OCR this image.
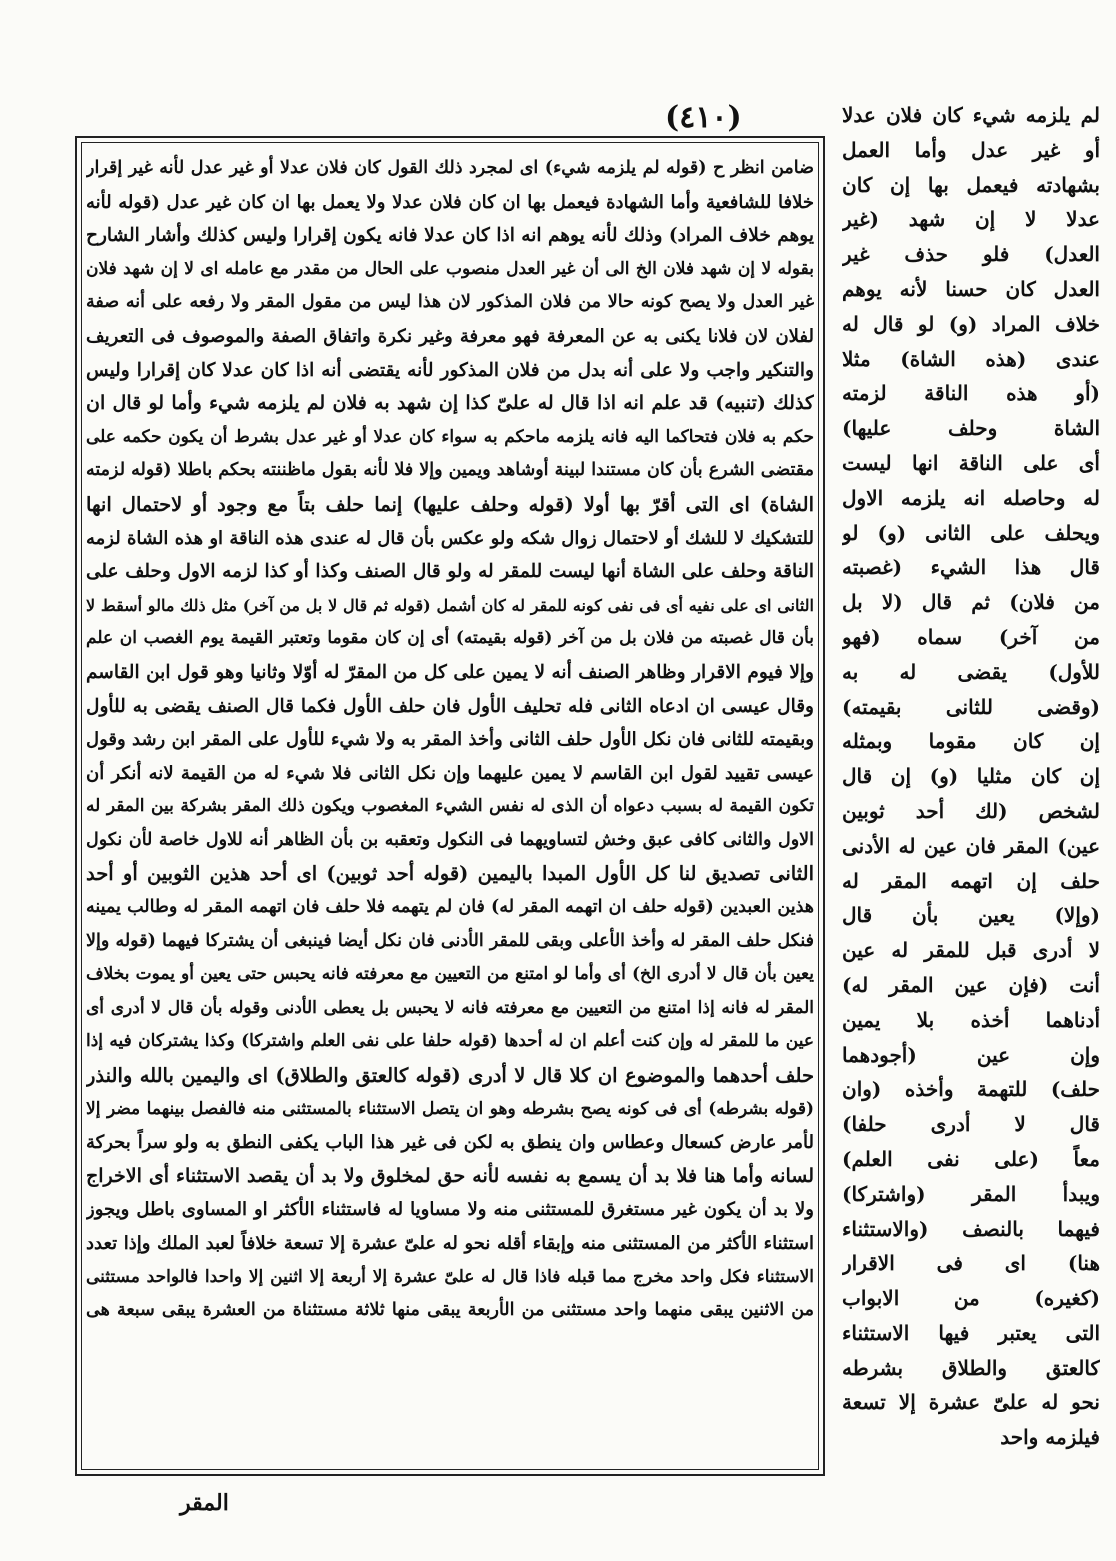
(٤١٠)	لم يلزمه شيء كان فلان عدلا
أو غير عدل وأما العمل
بشهادته فيعمل بها إن كان
عدلا لا إن شهد (غير
العدل) فلو حذف غير
العدل كان حسنا لأنه يوهم
خلاف المراد (و) لو قال له
عندى (هذه الشاة) مثلا
(أو هذه الناقة لزمته
الشاة وحلف عليها)
أى على الناقة انها ليست
له وحاصله انه يلزمه الاول
ويحلف على الثانى (و) لو
قال هذا الشيء (غصبته
من فلان) ثم قال (لا بل
من آخر) سماه (فهو
للأول) يقضى له به
(وقضى للثانى بقيمته)
إن كان مقوما وبمثله
إن كان مثليا (و) إن قال
لشخص (لك أحد ثوبين
عين) المقر فان عين له الأدنى
حلف إن اتهمه المقر له
(وإلا) يعين بأن قال
لا أدرى قبل للمقر له عين
أنت (فإن عين المقر له)
أدناهما أخذه بلا يمين
وإن عين (أجودهما
حلف) للتهمة وأخذه (وان
قال لا أدرى حلفا)
معاً (على نفى العلم)
ويبدأ المقر (واشتركا)
فيهما بالنصف (والاستثناء
هنا) اى فى الاقرار
(كغيره) من الابواب
التى يعتبر فيها الاستثناء
كالعتق والطلاق بشرطه
نحو له علىّ عشرة إلا تسعة
فيلزمه واحد
ضامن انظر ح (قوله لم يلزمه شيء) اى لمجرد ذلك القول كان فلان عدلا أو غير عدل لأنه غير إقرار
خلافا للشافعية وأما الشهادة فيعمل بها ان كان فلان عدلا ولا يعمل بها ان كان غير عدل (قوله لأنه
يوهم خلاف المراد) وذلك لأنه يوهم انه اذا كان عدلا فانه يكون إقرارا وليس كذلك وأشار الشارح
بقوله لا إن شهد فلان الخ الى أن غير العدل منصوب على الحال من مقدر مع عامله اى لا إن شهد فلان
غير العدل ولا يصح كونه حالا من فلان المذكور لان هذا ليس من مقول المقر ولا رفعه على أنه صفة
لفلان لان فلانا يكنى به عن المعرفة فهو معرفة وغير نكرة واتفاق الصفة والموصوف فى التعريف
والتنكير واجب ولا على أنه بدل من فلان المذكور لأنه يقتضى أنه اذا كان عدلا كان إقرارا وليس
كذلك (تنبيه) قد علم انه اذا قال له علىّ كذا إن شهد به فلان لم يلزمه شيء وأما لو قال ان
حكم به فلان فتحاكما اليه فانه يلزمه ماحكم به سواء كان عدلا أو غير عدل بشرط أن يكون حكمه على
مقتضى الشرع بأن كان مستندا لبينة أوشاهد ويمين وإلا فلا لأنه بقول ماظننته بحكم باطلا (قوله لزمته
الشاة) اى التى أقرّ بها أولا (قوله وحلف عليها) إنما حلف بتاً مع وجود أو لاحتمال انها
للتشكيك لا للشك أو لاحتمال زوال شكه ولو عكس بأن قال له عندى هذه الناقة او هذه الشاة لزمه
الناقة وحلف على الشاة أنها ليست للمقر له ولو قال الصنف وكذا أو كذا لزمه الاول وحلف على
الثانى اى على نفيه أى فى نفى كونه للمقر له كان أشمل (قوله ثم قال لا بل من آخر) مثل ذلك مالو أسقط لا
بأن قال غصبته من فلان بل من آخر (قوله بقيمته) أى إن كان مقوما وتعتبر القيمة يوم الغصب ان علم
وإلا فيوم الاقرار وظاهر الصنف أنه لا يمين على كل من المقرّ له أوّلا وثانيا وهو قول ابن القاسم
وقال عيسى ان ادعاه الثانى فله تحليف الأول فان حلف الأول فكما قال الصنف يقضى به للأول
وبقيمته للثانى فان نكل الأول حلف الثانى وأخذ المقر به ولا شيء للأول على المقر ابن رشد وقول
عيسى تقييد لقول ابن القاسم لا يمين عليهما وإن نكل الثانى فلا شيء له من القيمة لانه أنكر أن
تكون القيمة له بسبب دعواه أن الذى له نفس الشيء المغصوب ويكون ذلك المقر بشركة بين المقر له
الاول والثانى كافى عبق وخش لتساويهما فى النكول وتعقبه بن بأن الظاهر أنه للاول خاصة لأن نكول
الثانى تصديق لنا كل الأول المبدا باليمين (قوله أحد ثوبين) اى أحد هذين الثوبين أو أحد
هذين العبدين (قوله حلف ان اتهمه المقر له) فان لم يتهمه فلا حلف فان اتهمه المقر له وطالب يمينه
فنكل حلف المقر له وأخذ الأعلى وبقى للمقر الأدنى فان نكل أيضا فينبغى أن يشتركا فيهما (قوله وإلا
يعين بأن قال لا أدرى الخ) أى وأما لو امتنع من التعيين مع معرفته فانه يحبس حتى يعين أو يموت بخلاف
المقر له فانه إذا امتنع من التعيين مع معرفته فانه لا يحبس بل يعطى الأدنى وقوله بأن قال لا أدرى أى
عين ما للمقر له وإن كنت أعلم ان له أحدها (قوله حلفا على نفى العلم واشتركا) وكذا يشتركان فيه إذا
حلف أحدهما والموضوع ان كلا قال لا أدرى (قوله كالعتق والطلاق) اى واليمين بالله والنذر
(قوله بشرطه) أى فى كونه يصح بشرطه وهو ان يتصل الاستثناء بالمستثنى منه فالفصل بينهما مضر إلا
لأمر عارض كسعال وعطاس وان ينطق به لكن فى غير هذا الباب يكفى النطق به ولو سراً بحركة
لسانه وأما هنا فلا بد أن يسمع به نفسه لأنه حق لمخلوق ولا بد أن يقصد الاستثناء أى الاخراج
ولا بد أن يكون غير مستغرق للمستثنى منه ولا مساويا له فاستثناء الأكثر او المساوى باطل ويجوز
استثناء الأكثر من المستثنى منه وإبقاء أقله نحو له علىّ عشرة إلا تسعة خلافاً لعبد الملك وإذا تعدد
الاستثناء فكل واحد مخرج مما قبله فاذا قال له علىّ عشرة إلا أربعة إلا اثنين إلا واحدا فالواحد مستثنى
من الاثنين يبقى منهما واحد مستثنى من الأربعة يبقى منها ثلاثة مستثناة من العشرة يبقى سبعة هى
المقر
